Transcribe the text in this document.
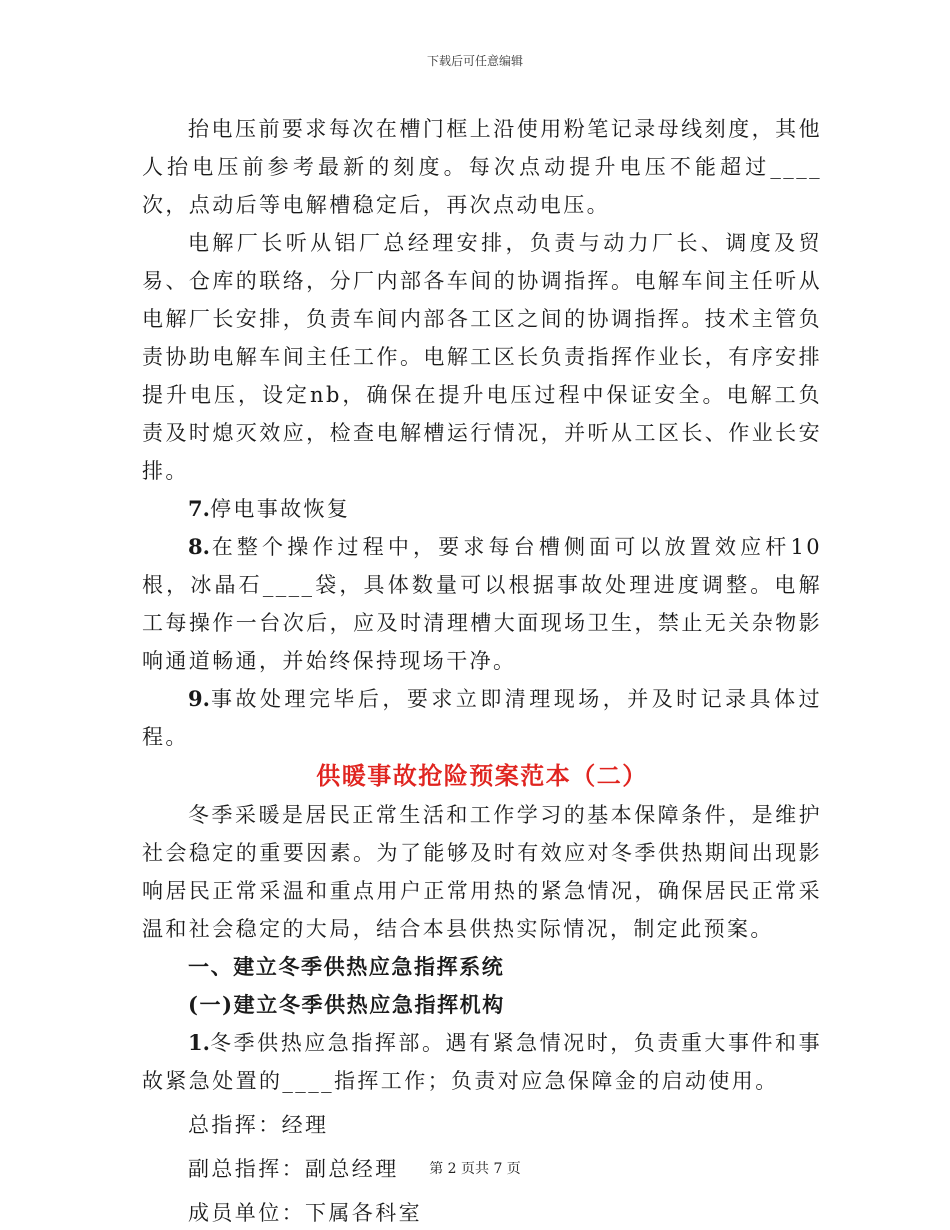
下载后可任意编辑

抬电压前要求每次在槽门框上沿使用粉笔记录母线刻度，其他人抬电压前参考最新的刻度。每次点动提升电压不能超过____次，点动后等电解槽稳定后，再次点动电压。

电解厂长听从铝厂总经理安排，负责与动力厂长、调度及贸易、仓库的联络，分厂内部各车间的协调指挥。电解车间主任听从电解厂长安排，负责车间内部各工区之间的协调指挥。技术主管负责协助电解车间主任工作。电解工区长负责指挥作业长，有序安排提升电压，设定nb，确保在提升电压过程中保证安全。电解工负责及时熄灭效应，检查电解槽运行情况，并听从工区长、作业长安排。

7.停电事故恢复

8.在整个操作过程中，要求每台槽侧面可以放置效应杆10根，冰晶石____袋，具体数量可以根据事故处理进度调整。电解工每操作一台次后，应及时清理槽大面现场卫生，禁止无关杂物影响通道畅通，并始终保持现场干净。

9.事故处理完毕后，要求立即清理现场，并及时记录具体过程。

供暖事故抢险预案范本（二）

冬季采暖是居民正常生活和工作学习的基本保障条件，是维护社会稳定的重要因素。为了能够及时有效应对冬季供热期间出现影响居民正常采温和重点用户正常用热的紧急情况，确保居民正常采温和社会稳定的大局，结合本县供热实际情况，制定此预案。

一、建立冬季供热应急指挥系统

(一)建立冬季供热应急指挥机构

1.冬季供热应急指挥部。遇有紧急情况时，负责重大事件和事故紧急处置的____指挥工作；负责对应急保障金的启动使用。

总指挥：经理

副总指挥：副总经理

成员单位：下属各科室

第 2 页共 7 页
